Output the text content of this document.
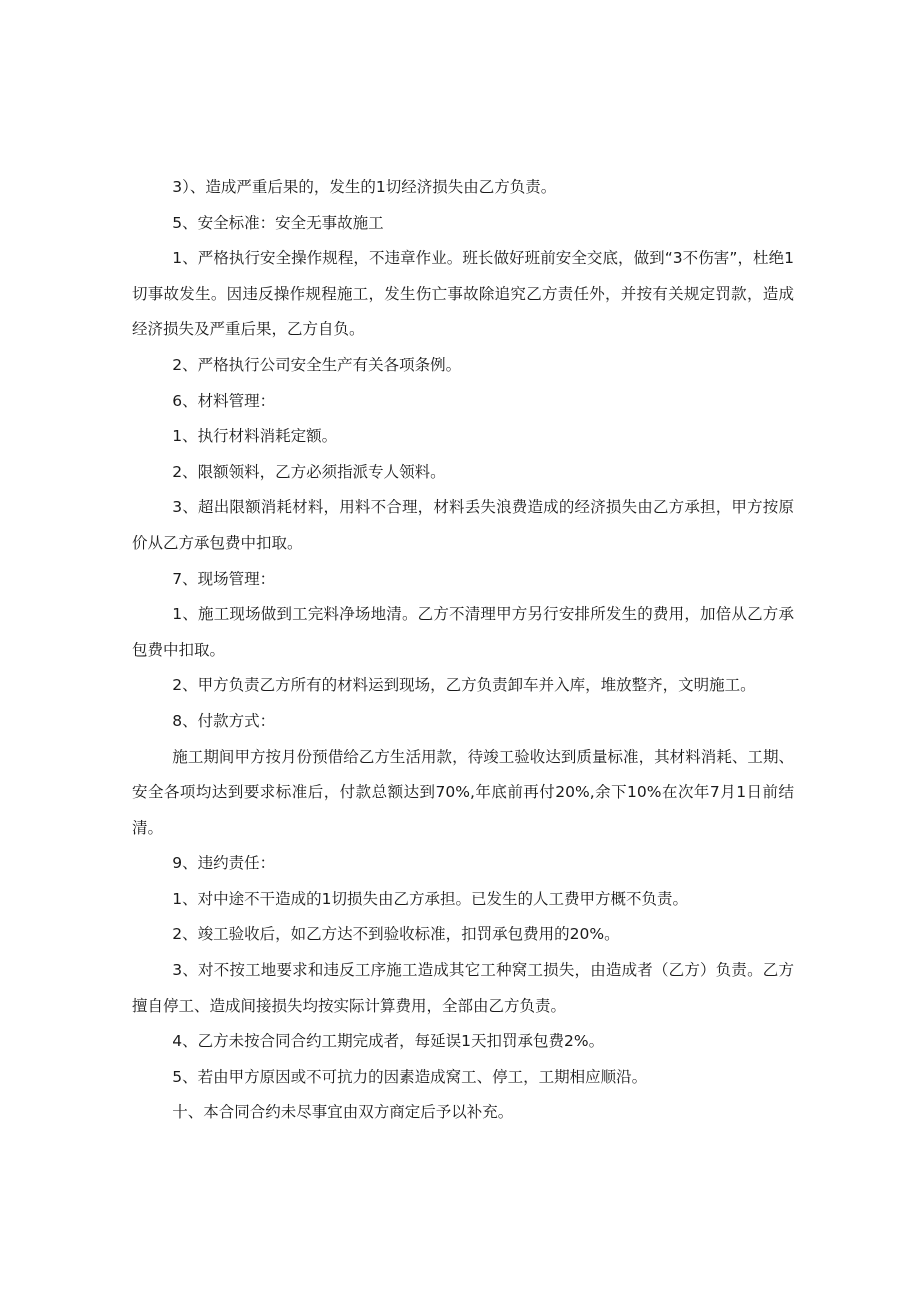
3）、造成严重后果的，发生的1切经济损失由乙方负责。

5、安全标准：安全无事故施工

1、严格执行安全操作规程，不违章作业。班长做好班前安全交底，做到“3不伤害”，杜绝1切事故发生。因违反操作规程施工，发生伤亡事故除追究乙方责任外，并按有关规定罚款，造成经济损失及严重后果，乙方自负。

2、严格执行公司安全生产有关各项条例。

6、材料管理：

1、执行材料消耗定额。

2、限额领料，乙方必须指派专人领料。

3、超出限额消耗材料，用料不合理，材料丢失浪费造成的经济损失由乙方承担，甲方按原价从乙方承包费中扣取。

7、现场管理：

1、施工现场做到工完料净场地清。乙方不清理甲方另行安排所发生的费用，加倍从乙方承包费中扣取。

2、甲方负责乙方所有的材料运到现场，乙方负责卸车并入库，堆放整齐，文明施工。

8、付款方式：

施工期间甲方按月份预借给乙方生活用款，待竣工验收达到质量标准，其材料消耗、工期、安全各项均达到要求标准后，付款总额达到70%,年底前再付20%,余下10%在次年7月1日前结清。

9、违约责任：

1、对中途不干造成的1切损失由乙方承担。已发生的人工费甲方概不负责。

2、竣工验收后，如乙方达不到验收标准，扣罚承包费用的20%。

3、对不按工地要求和违反工序施工造成其它工种窝工损失，由造成者（乙方）负责。乙方擅自停工、造成间接损失均按实际计算费用，全部由乙方负责。

4、乙方未按合同合约工期完成者，每延误1天扣罚承包费2%。

5、若由甲方原因或不可抗力的因素造成窝工、停工，工期相应顺沿。

十、本合同合约未尽事宜由双方商定后予以补充。
